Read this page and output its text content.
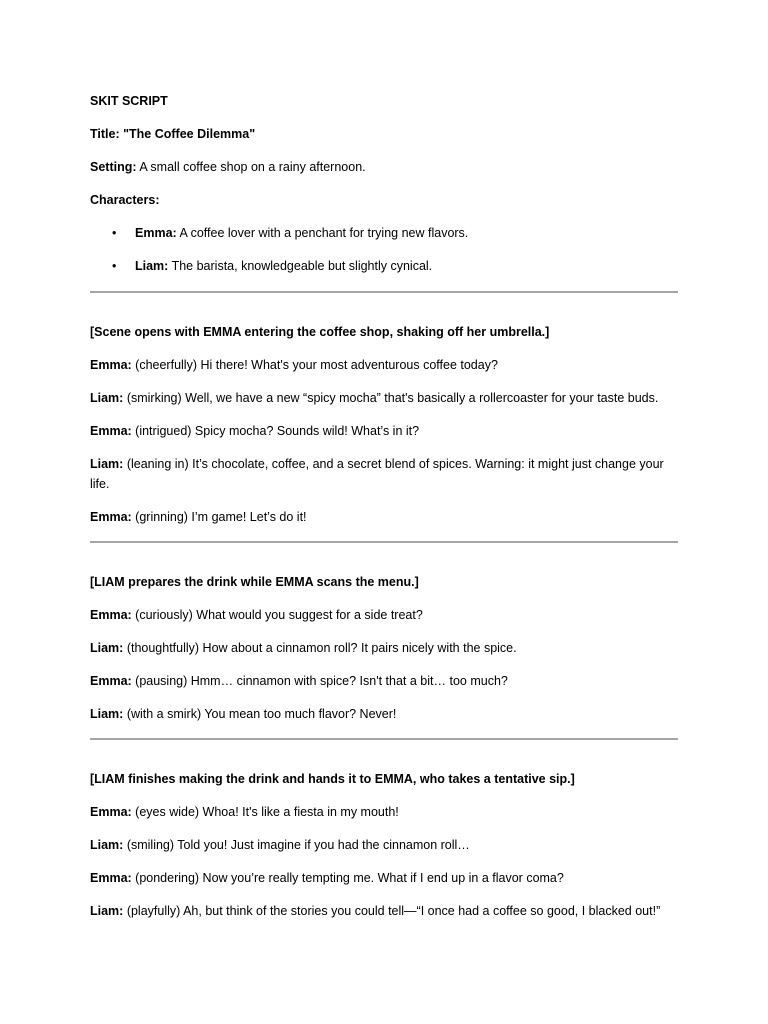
SKIT SCRIPT
Title: "The Coffee Dilemma"
Setting: A small coffee shop on a rainy afternoon.
Characters:
• Emma: A coffee lover with a penchant for trying new flavors.
• Liam: The barista, knowledgeable but slightly cynical.
[Scene opens with EMMA entering the coffee shop, shaking off her umbrella.]
Emma: (cheerfully) Hi there! What's your most adventurous coffee today?
Liam: (smirking) Well, we have a new “spicy mocha” that's basically a rollercoaster for your taste buds.
Emma: (intrigued) Spicy mocha? Sounds wild! What’s in it?
Liam: (leaning in) It’s chocolate, coffee, and a secret blend of spices. Warning: it might just change your life.
Emma: (grinning) I’m game! Let’s do it!
[LIAM prepares the drink while EMMA scans the menu.]
Emma: (curiously) What would you suggest for a side treat?
Liam: (thoughtfully) How about a cinnamon roll? It pairs nicely with the spice.
Emma: (pausing) Hmm… cinnamon with spice? Isn't that a bit… too much?
Liam: (with a smirk) You mean too much flavor? Never!
[LIAM finishes making the drink and hands it to EMMA, who takes a tentative sip.]
Emma: (eyes wide) Whoa! It's like a fiesta in my mouth!
Liam: (smiling) Told you! Just imagine if you had the cinnamon roll…
Emma: (pondering) Now you’re really tempting me. What if I end up in a flavor coma?
Liam: (playfully) Ah, but think of the stories you could tell—“I once had a coffee so good, I blacked out!”
